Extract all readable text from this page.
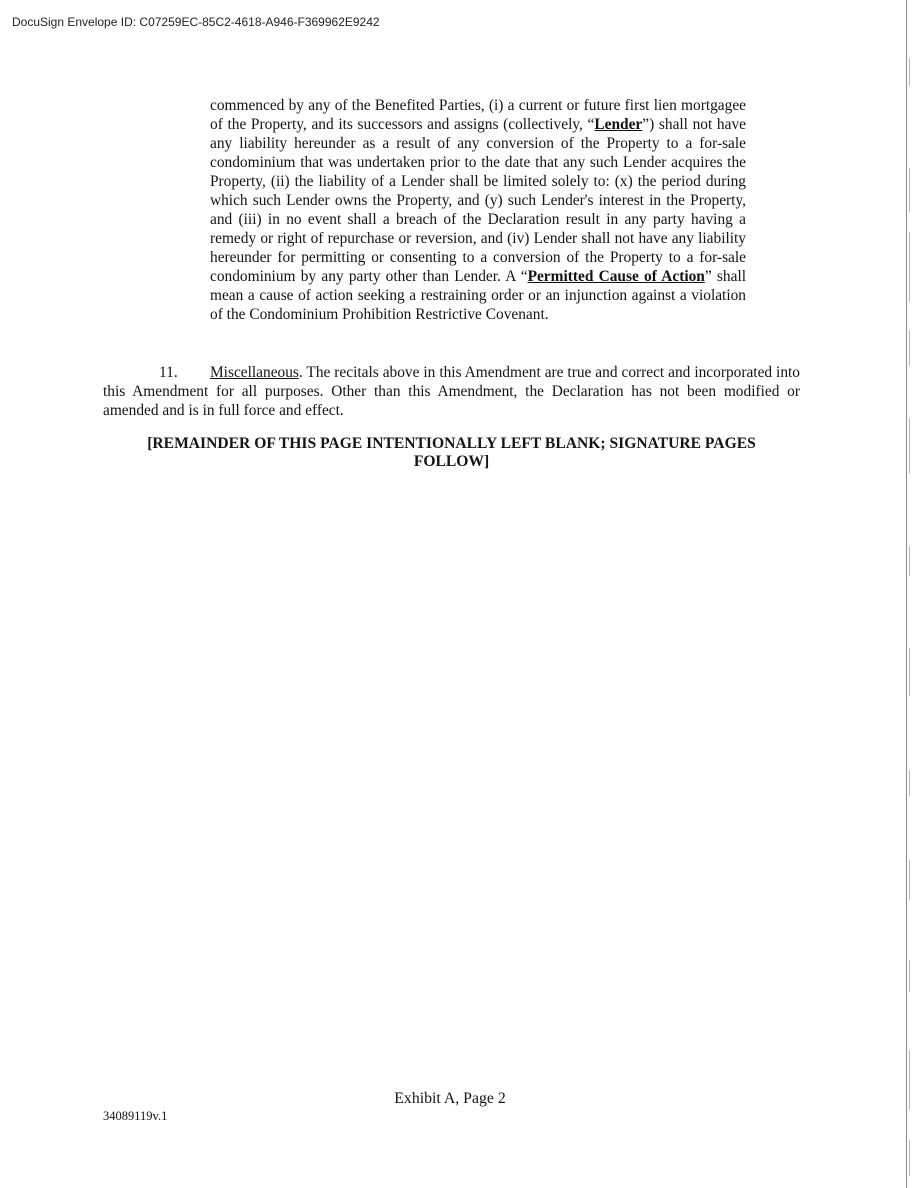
DocuSign Envelope ID: C07259EC-85C2-4618-A946-F369962E9242
commenced by any of the Benefited Parties, (i) a current or future first lien mortgagee of the Property, and its successors and assigns (collectively, “Lender”) shall not have any liability hereunder as a result of any conversion of the Property to a for-sale condominium that was undertaken prior to the date that any such Lender acquires the Property, (ii) the liability of a Lender shall be limited solely to: (x) the period during which such Lender owns the Property, and (y) such Lender's interest in the Property, and (iii) in no event shall a breach of the Declaration result in any party having a remedy or right of repurchase or reversion, and (iv) Lender shall not have any liability hereunder for permitting or consenting to a conversion of the Property to a for-sale condominium by any party other than Lender. A “Permitted Cause of Action” shall mean a cause of action seeking a restraining order or an injunction against a violation of the Condominium Prohibition Restrictive Covenant.
11. Miscellaneous. The recitals above in this Amendment are true and correct and incorporated into this Amendment for all purposes. Other than this Amendment, the Declaration has not been modified or amended and is in full force and effect.
[REMAINDER OF THIS PAGE INTENTIONALLY LEFT BLANK; SIGNATURE PAGES
FOLLOW]
Exhibit A, Page 2
34089119v.1
